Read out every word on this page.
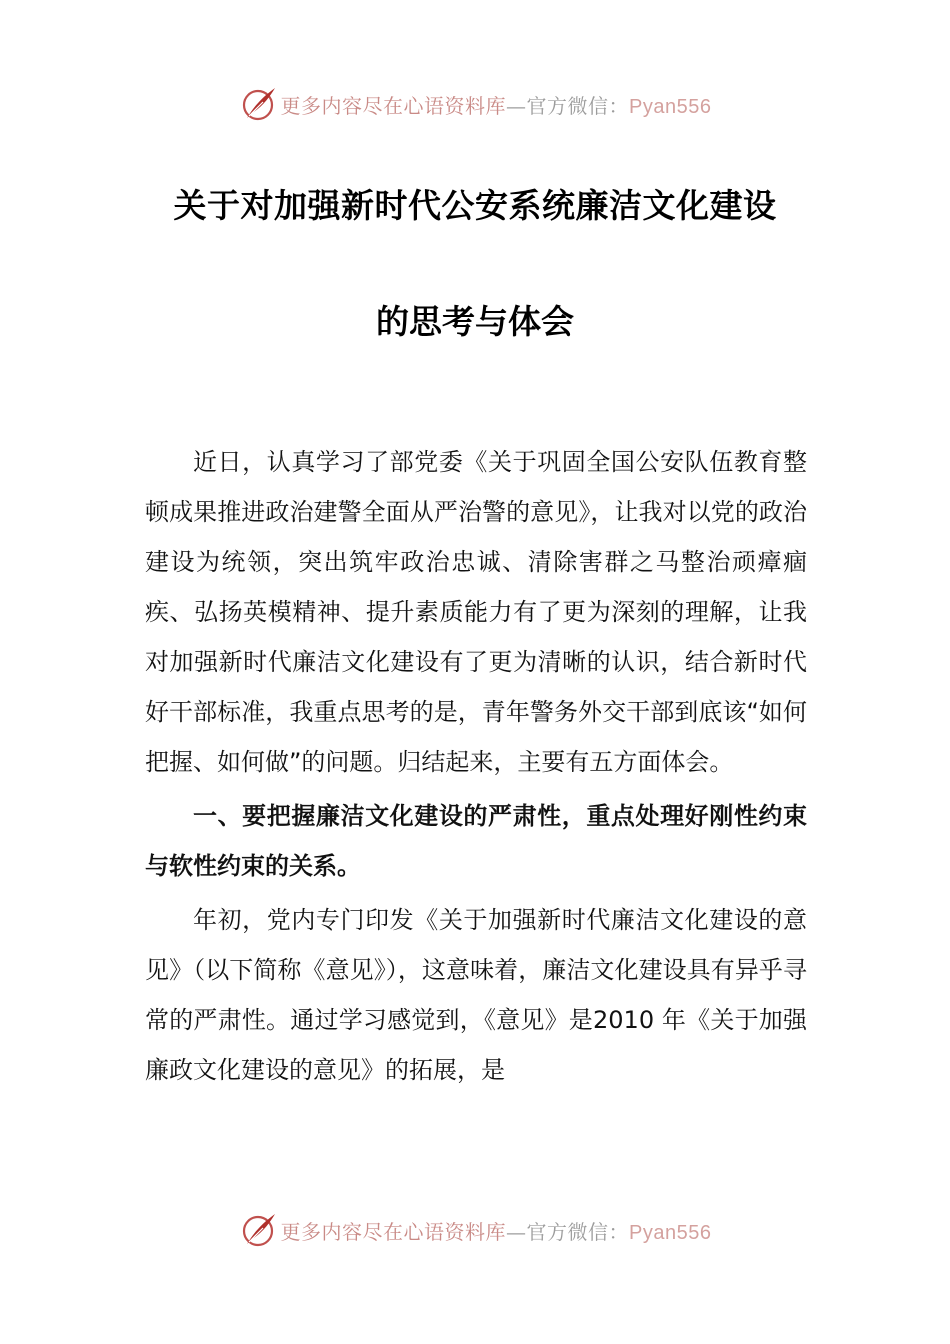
更多内容尽在心语资料库—官方微信：Pyan556
关于对加强新时代公安系统廉洁文化建设
的思考与体会

近日，认真学习了部党委《关于巩固全国公安队伍教育整顿成果推进政治建警全面从严治警的意见》，让我对以党的政治建设为统领，突出筑牢政治忠诚、清除害群之马整治顽瘴痼疾、弘扬英模精神、提升素质能力有了更为深刻的理解，让我对加强新时代廉洁文化建设有了更为清晰的认识，结合新时代好干部标准，我重点思考的是，青年警务外交干部到底该“如何把握、如何做”的问题。归结起来，主要有五方面体会。

一、要把握廉洁文化建设的严肃性，重点处理好刚性约束与软性约束的关系。

年初，党内专门印发《关于加强新时代廉洁文化建设的意见》（以下简称《意见》），这意味着，廉洁文化建设具有异乎寻常的严肃性。通过学习感觉到，《意见》是2010 年《关于加强廉政文化建设的意见》的拓展，是

更多内容尽在心语资料库—官方微信：Pyan556
